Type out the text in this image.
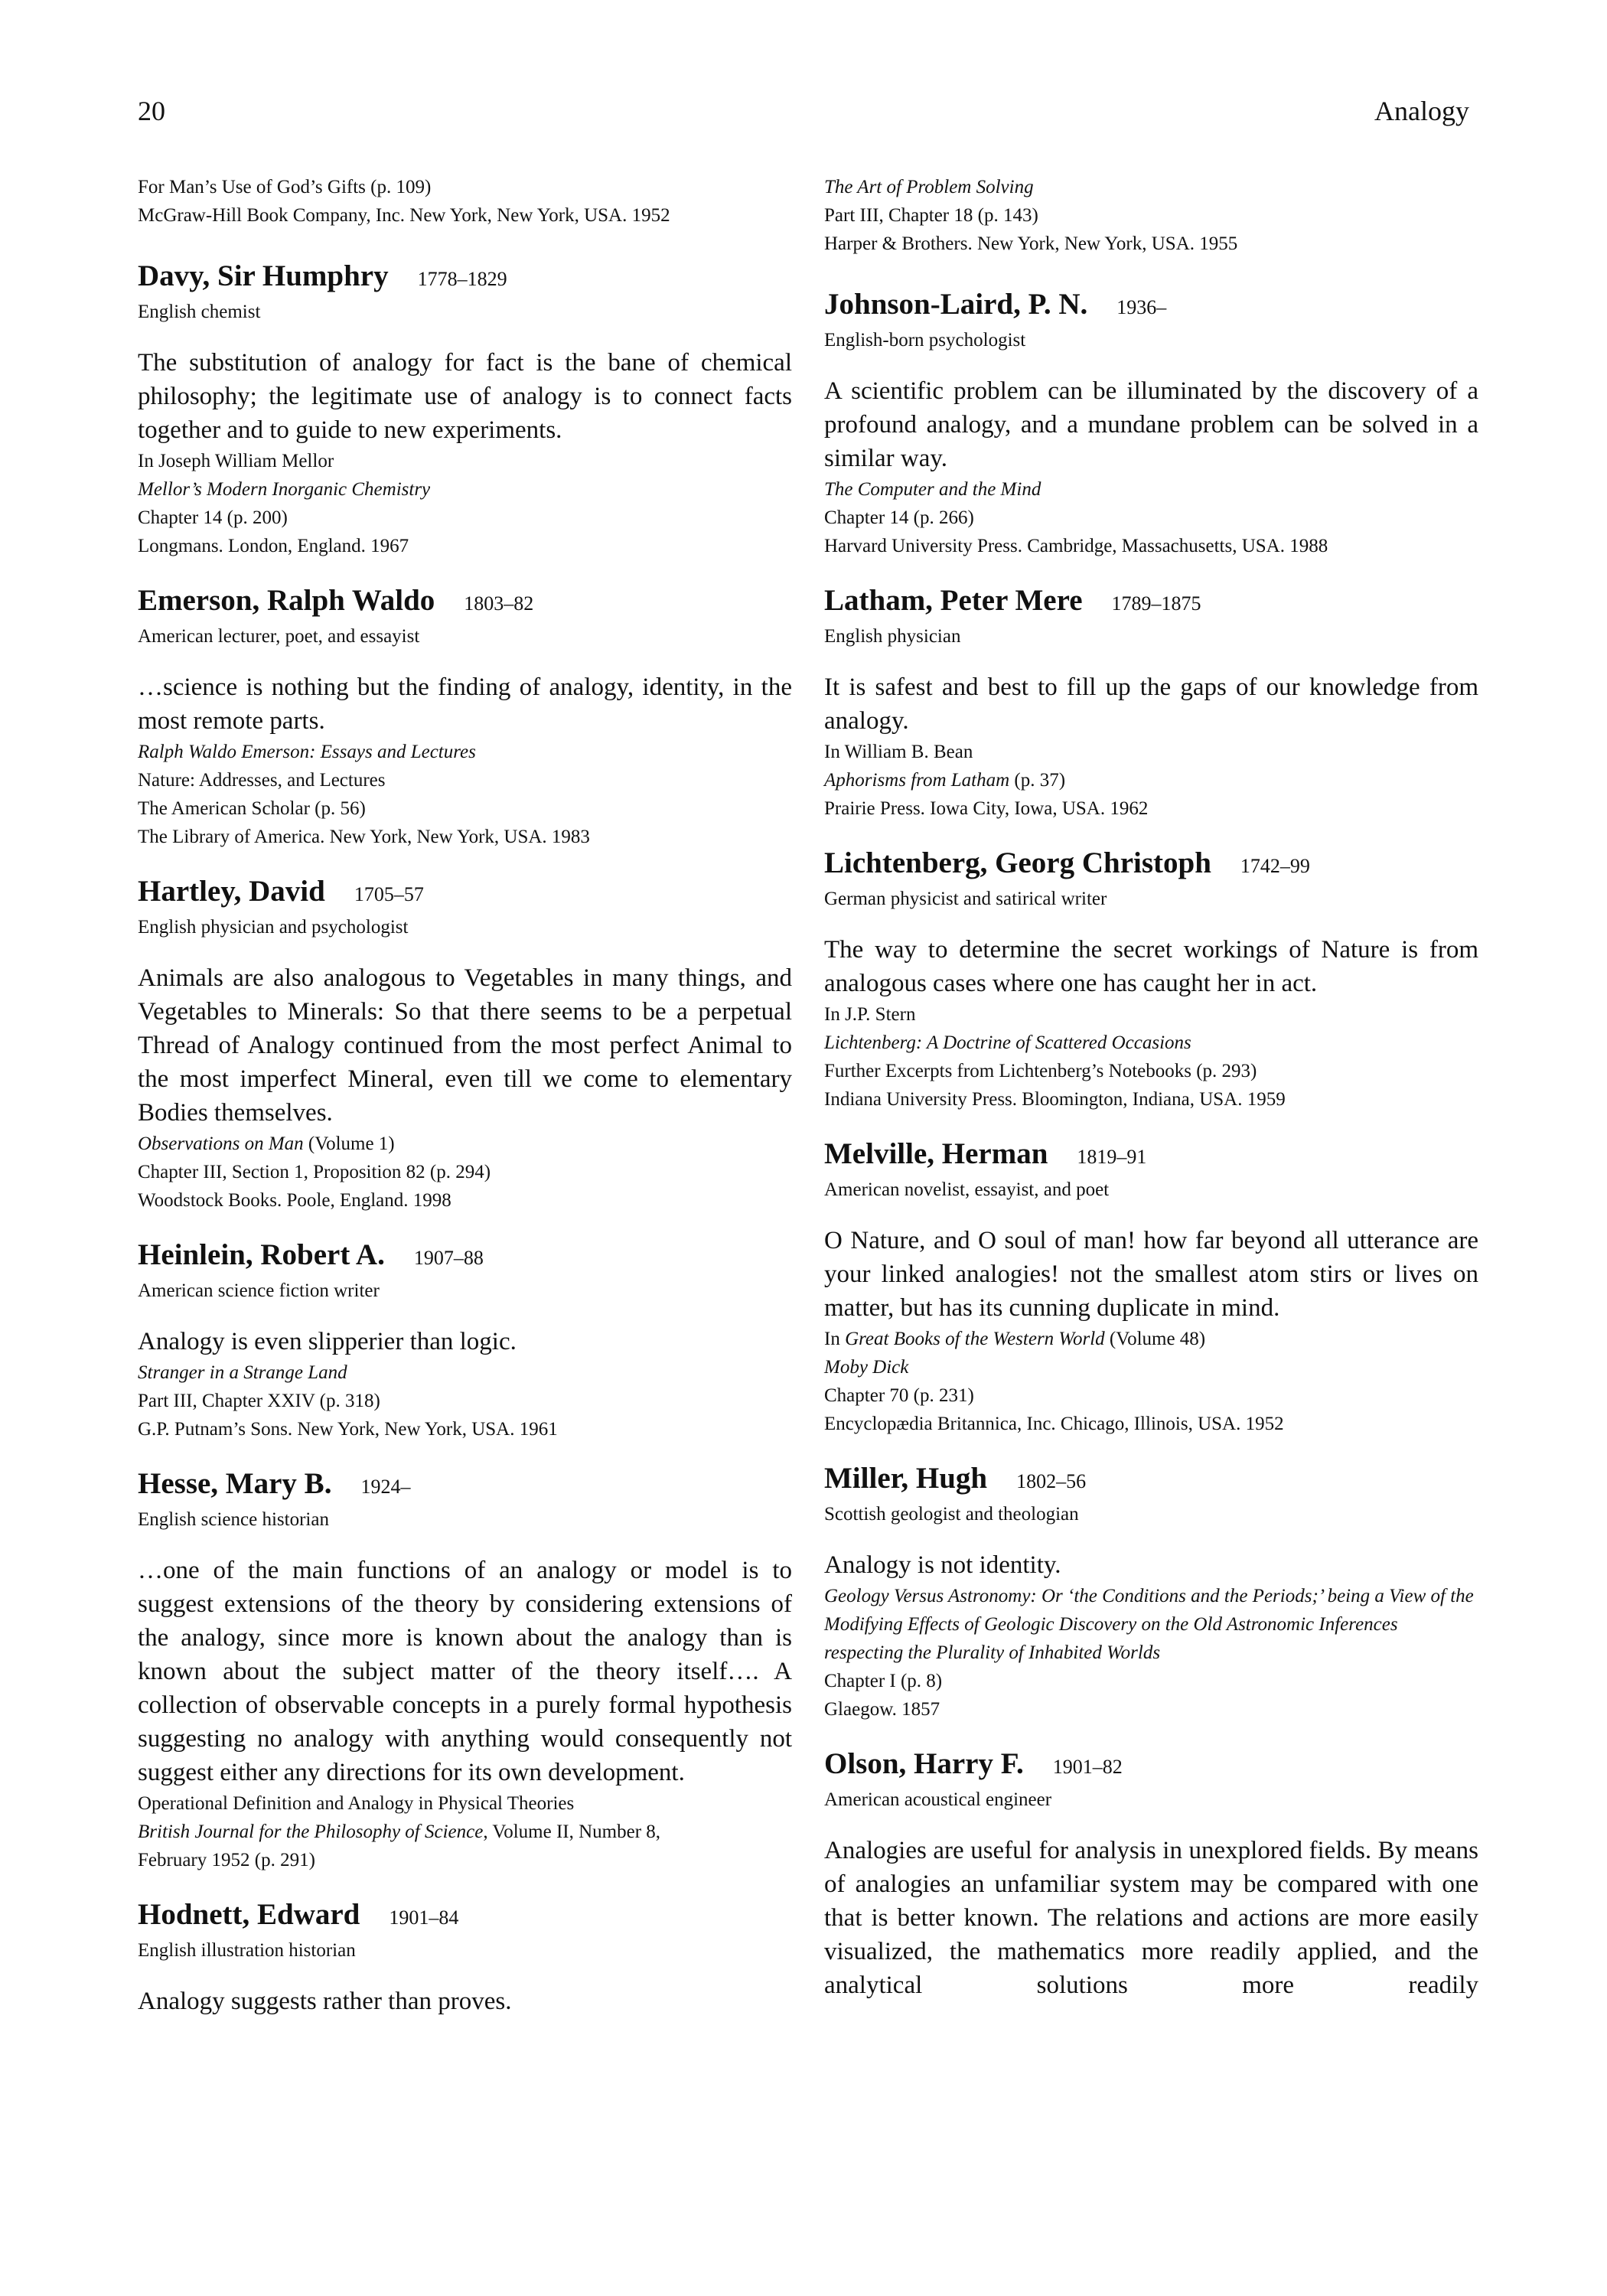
20	Analogy

For Man’s Use of God’s Gifts (p. 109)

McGraw-Hill Book Company, Inc. New York, New York, USA. 1952

Davy, Sir Humphry 1778–1829

English chemist

The substitution of analogy for fact is the bane of chemical philosophy; the legitimate use of analogy is to connect facts together and to guide to new experiments.

In Joseph William Mellor

Mellor’s Modern Inorganic Chemistry

Chapter 14 (p. 200)

Longmans. London, England. 1967

Emerson, Ralph Waldo 1803–82

American lecturer, poet, and essayist

…science is nothing but the finding of analogy, identity, in the most remote parts.

Ralph Waldo Emerson: Essays and Lectures

Nature: Addresses, and Lectures

The American Scholar (p. 56)

The Library of America. New York, New York, USA. 1983

Hartley, David 1705–57

English physician and psychologist

Animals are also analogous to Vegetables in many things, and Vegetables to Minerals: So that there seems to be a perpetual Thread of Analogy continued from the most perfect Animal to the most imperfect Mineral, even till we come to elementary Bodies themselves.

Observations on Man (Volume 1)

Chapter III, Section 1, Proposition 82 (p. 294)

Woodstock Books. Poole, England. 1998

Heinlein, Robert A. 1907–88

American science fiction writer

Analogy is even slipperier than logic.

Stranger in a Strange Land

Part III, Chapter XXIV (p. 318)

G.P. Putnam’s Sons. New York, New York, USA. 1961

Hesse, Mary B. 1924–

English science historian

…one of the main functions of an analogy or model is to suggest extensions of the theory by considering extensions of the analogy, since more is known about the analogy than is known about the subject matter of the theory itself…. A collection of observable concepts in a purely formal hypothesis suggesting no analogy with anything would consequently not suggest either any directions for its own development.

Operational Definition and Analogy in Physical Theories

British Journal for the Philosophy of Science, Volume II, Number 8,

February 1952 (p. 291)

Hodnett, Edward 1901–84

English illustration historian

Analogy suggests rather than proves.

The Art of Problem Solving

Part III, Chapter 18 (p. 143)

Harper & Brothers. New York, New York, USA. 1955

Johnson-Laird, P. N. 1936–

English-born psychologist

A scientific problem can be illuminated by the discovery of a profound analogy, and a mundane problem can be solved in a similar way.

The Computer and the Mind

Chapter 14 (p. 266)

Harvard University Press. Cambridge, Massachusetts, USA. 1988

Latham, Peter Mere 1789–1875

English physician

It is safest and best to fill up the gaps of our knowledge from analogy.

In William B. Bean

Aphorisms from Latham (p. 37)

Prairie Press. Iowa City, Iowa, USA. 1962

Lichtenberg, Georg Christoph 1742–99

German physicist and satirical writer

The way to determine the secret workings of Nature is from analogous cases where one has caught her in act.

In J.P. Stern

Lichtenberg: A Doctrine of Scattered Occasions

Further Excerpts from Lichtenberg’s Notebooks (p. 293)

Indiana University Press. Bloomington, Indiana, USA. 1959

Melville, Herman 1819–91

American novelist, essayist, and poet

O Nature, and O soul of man! how far beyond all utterance are your linked analogies! not the smallest atom stirs or lives on matter, but has its cunning duplicate in mind.

In Great Books of the Western World (Volume 48)

Moby Dick

Chapter 70 (p. 231)

Encyclopædia Britannica, Inc. Chicago, Illinois, USA. 1952

Miller, Hugh 1802–56

Scottish geologist and theologian

Analogy is not identity.

Geology Versus Astronomy: Or ‘the Conditions and the Periods;’ being a View of the Modifying Effects of Geologic Discovery on the Old Astronomic Inferences respecting the Plurality of Inhabited Worlds

Chapter I (p. 8)

Glaegow. 1857

Olson, Harry F. 1901–82

American acoustical engineer

Analogies are useful for analysis in unexplored fields. By means of analogies an unfamiliar system may be compared with one that is better known. The relations and actions are more easily visualized, the mathematics more readily applied, and the analytical solutions more readily
